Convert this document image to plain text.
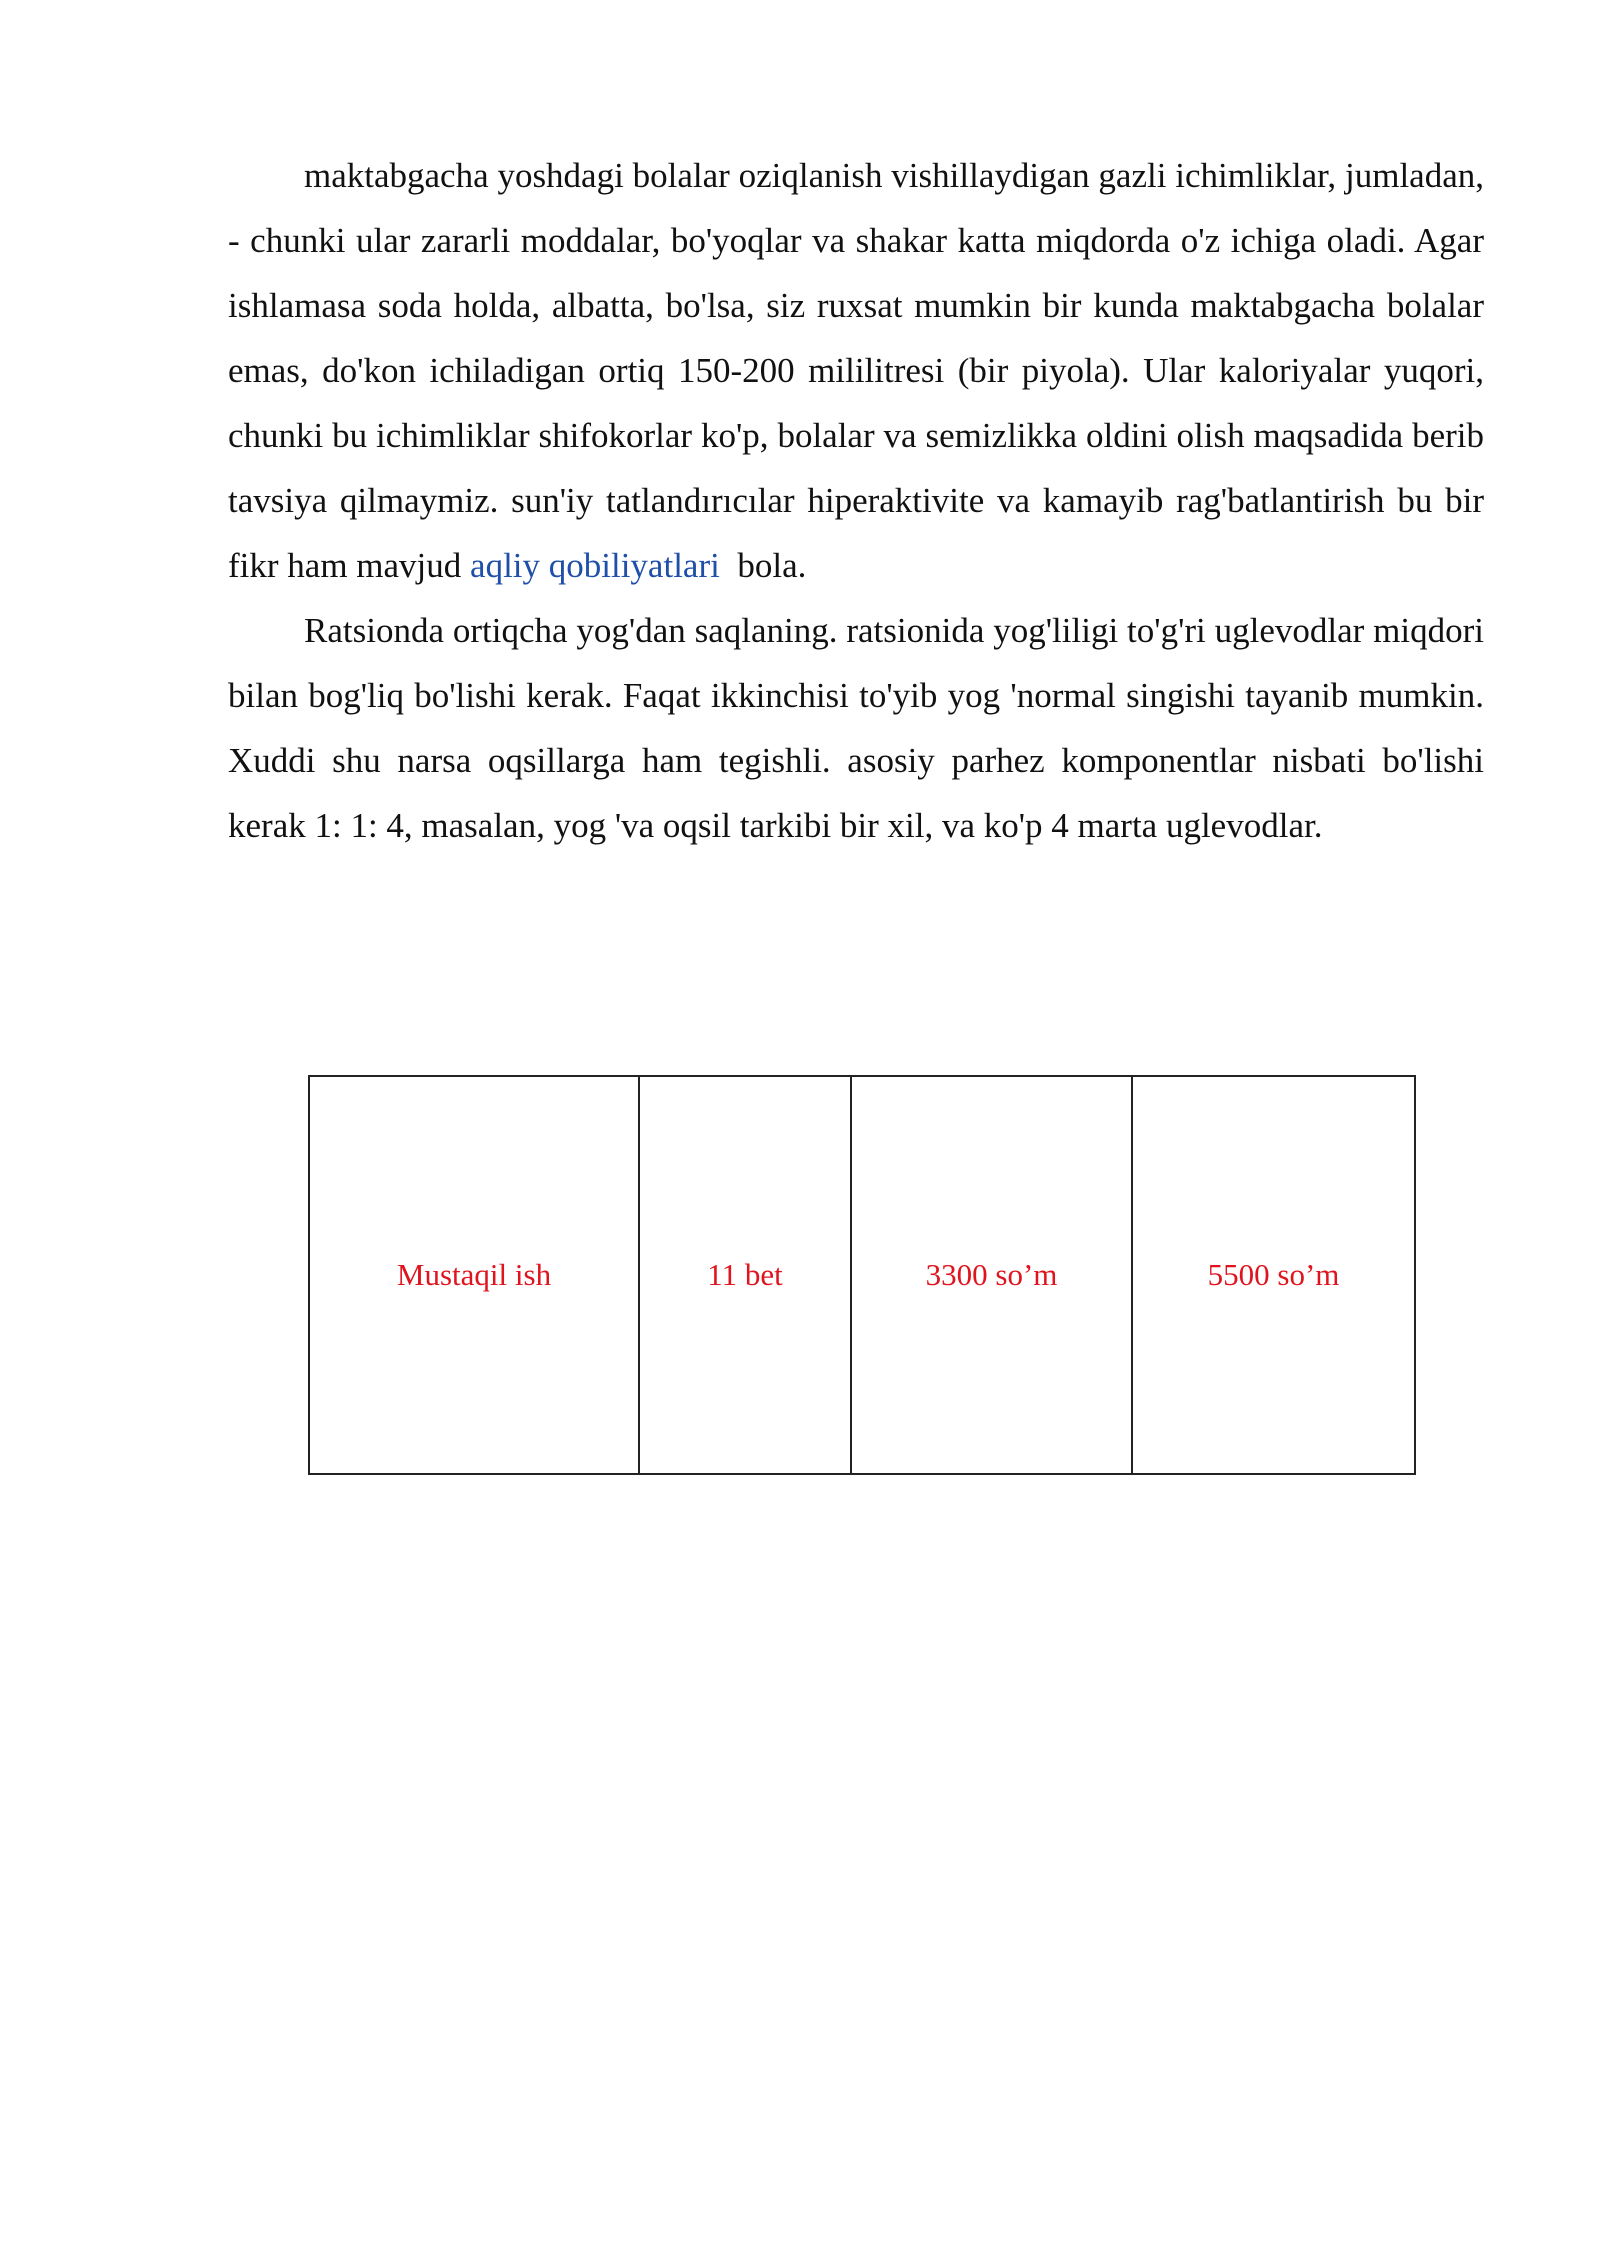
maktabgacha yoshdagi bolalar oziqlanish vishillaydigan gazli ichimliklar, jumladan, - chunki ular zararli moddalar, bo'yoqlar va shakar katta miqdorda o'z ichiga oladi. Agar ishlamasa soda holda, albatta, bo'lsa, siz ruxsat mumkin bir kunda maktabgacha bolalar emas, do'kon ichiladigan ortiq 150-200 mililitresi (bir piyola). Ular kaloriyalar yuqori, chunki bu ichimliklar shifokorlar ko'p, bolalar va semizlikka oldini olish maqsadida berib tavsiya qilmaymiz. sun'iy tatlandırıcılar hiperaktivite va kamayib rag'batlantirish bu bir fikr ham mavjud aqliy qobiliyatlari  bola.

Ratsionda ortiqcha yog'dan saqlaning. ratsionida yog'liligi to'g'ri uglevodlar miqdori bilan bog'liq bo'lishi kerak. Faqat ikkinchisi to'yib yog 'normal singishi tayanib mumkin. Xuddi shu narsa oqsillarga ham tegishli. asosiy parhez komponentlar nisbati bo'lishi kerak 1: 1: 4, masalan, yog 'va oqsil tarkibi bir xil, va ko'p 4 marta uglevodlar.

Mustaqil ish	11 bet	3300 so’m	5500 so’m
